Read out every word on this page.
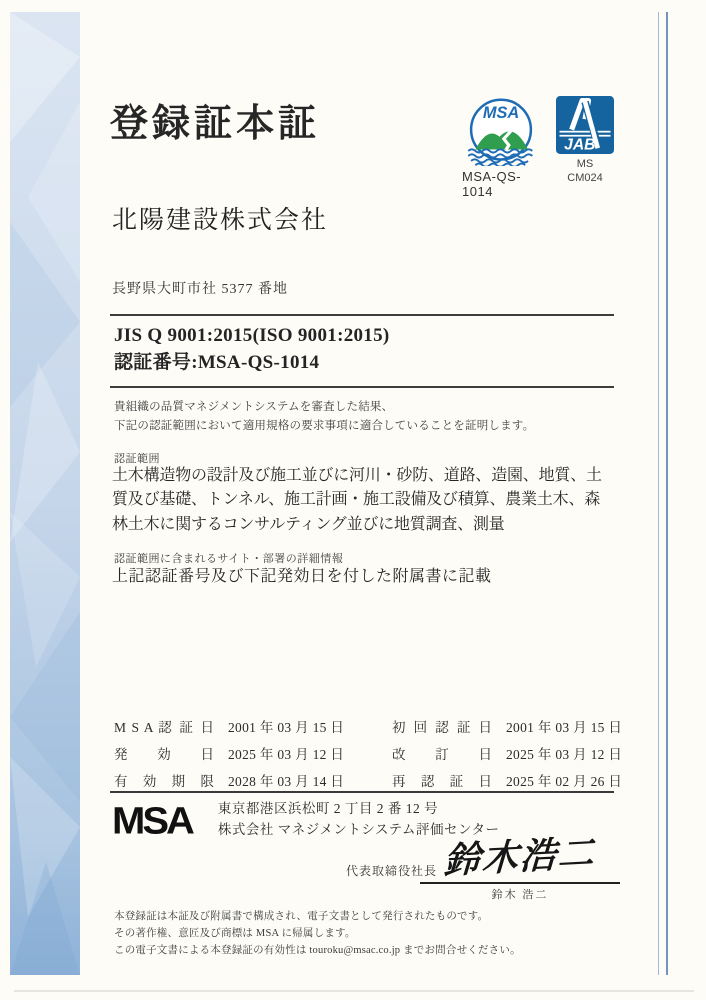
登録証本証	MSA
MSA-QS-1014
JAB
MS
CM024
北陽建設株式会社
長野県大町市社 5377 番地
JIS Q 9001:2015(ISO 9001:2015)
認証番号:MSA-QS-1014
貴組織の品質マネジメントシステムを審査した結果、
下記の認証範囲において適用規格の要求事項に適合していることを証明します。
認証範囲
土木構造物の設計及び施工並びに河川・砂防、道路、造園、地質、土質及び基礎、トンネル、施工計画・施工設備及び積算、農業土木、森林土木に関するコンサルティング並びに地質調査、測量
認証範囲に含まれるサイト・部署の詳細情報
上記認証番号及び下記発効日を付した附属書に記載
M S A 認 証 日 2001 年 03 月 15 日
発 効 日 2025 年 03 月 12 日
有 効 期 限 2028 年 03 月 14 日
初 回 認 証 日 2001 年 03 月 15 日
改 訂 日 2025 年 03 月 12 日
再 認 証 日 2025 年 02 月 26 日
MSA 東京都港区浜松町 2 丁目 2 番 12 号
株式会社 マネジメントシステム評価センター
代表取締役社長 鈴木浩二
鈴木 浩二
本登録証は本証及び附属書で構成され、電子文書として発行されたものです。
その著作権、意匠及び商標は MSA に帰属します。
この電子文書による本登録証の有効性は touroku@msac.co.jp までお問合せください。
